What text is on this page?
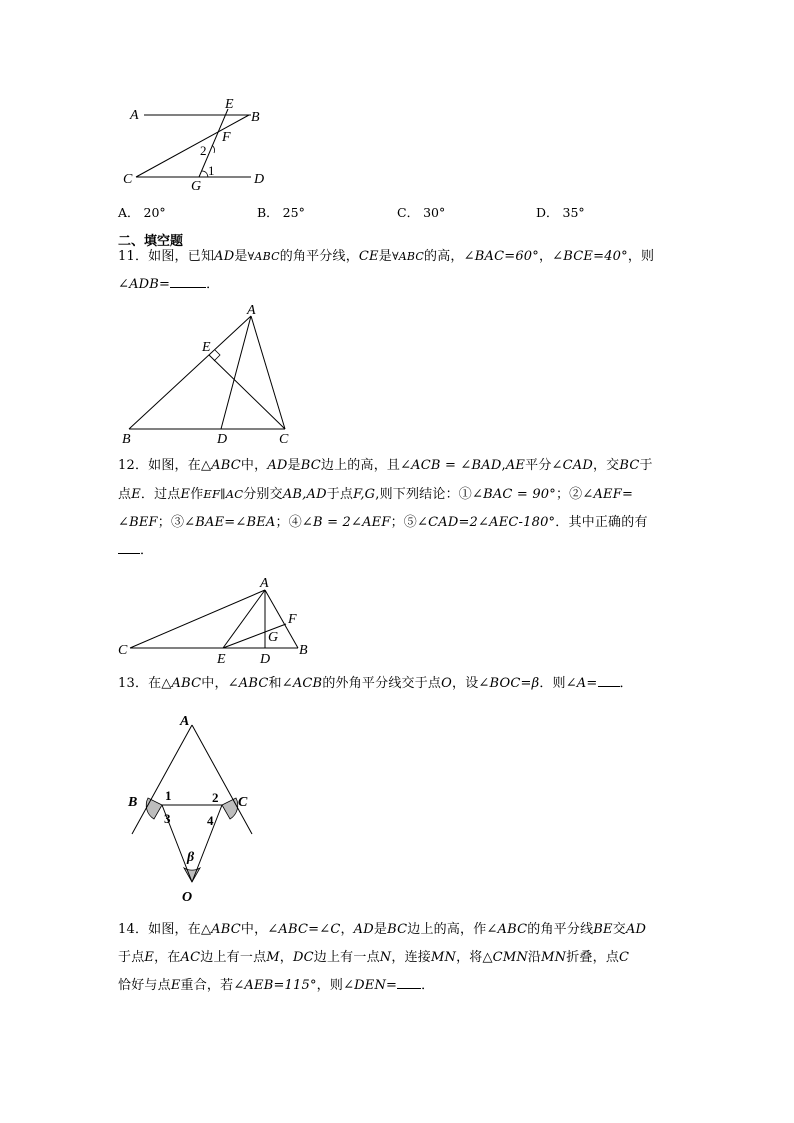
A
E
B
F
2
1
C	G	D
A． 20°	B． 25°	C． 30°	D． 35°
二、填空题
11．如图，已知AD是∀ABC的角平分线，CE是∀ABC的高，∠BAC=60°，∠BCE=40°，则
∠ADB=	．
A
E
B	D	C
12．如图，在△ABC中，AD是BC边上的高，且∠ACB = ∠BAD,AE平分∠CAD，交BC于
点E．过点E作EF∥AC分别交AB,AD于点F,G,则下列结论：①∠BAC = 90°；②∠AEF=
∠BEF；③∠BAE=∠BEA；④∠B = 2∠AEF；⑤∠CAD=2∠AEC-180°．其中正确的有
．
A
F
G
C
E D
B
13．在△ABC中，∠ABC和∠ACB的外角平分线交于点O，设∠BOC=β．则∠A= ．
A
B	C
O
1	2
3	4
β
14．如图，在△ABC中，∠ABC=∠C，AD是BC边上的高，作∠ABC的角平分线BE交AD
于点E，在AC边上有一点M，DC边上有一点N，连接MN，将△CMN沿MN折叠，点C
恰好与点E重合，若∠AEB=115°，则∠DEN= ．
